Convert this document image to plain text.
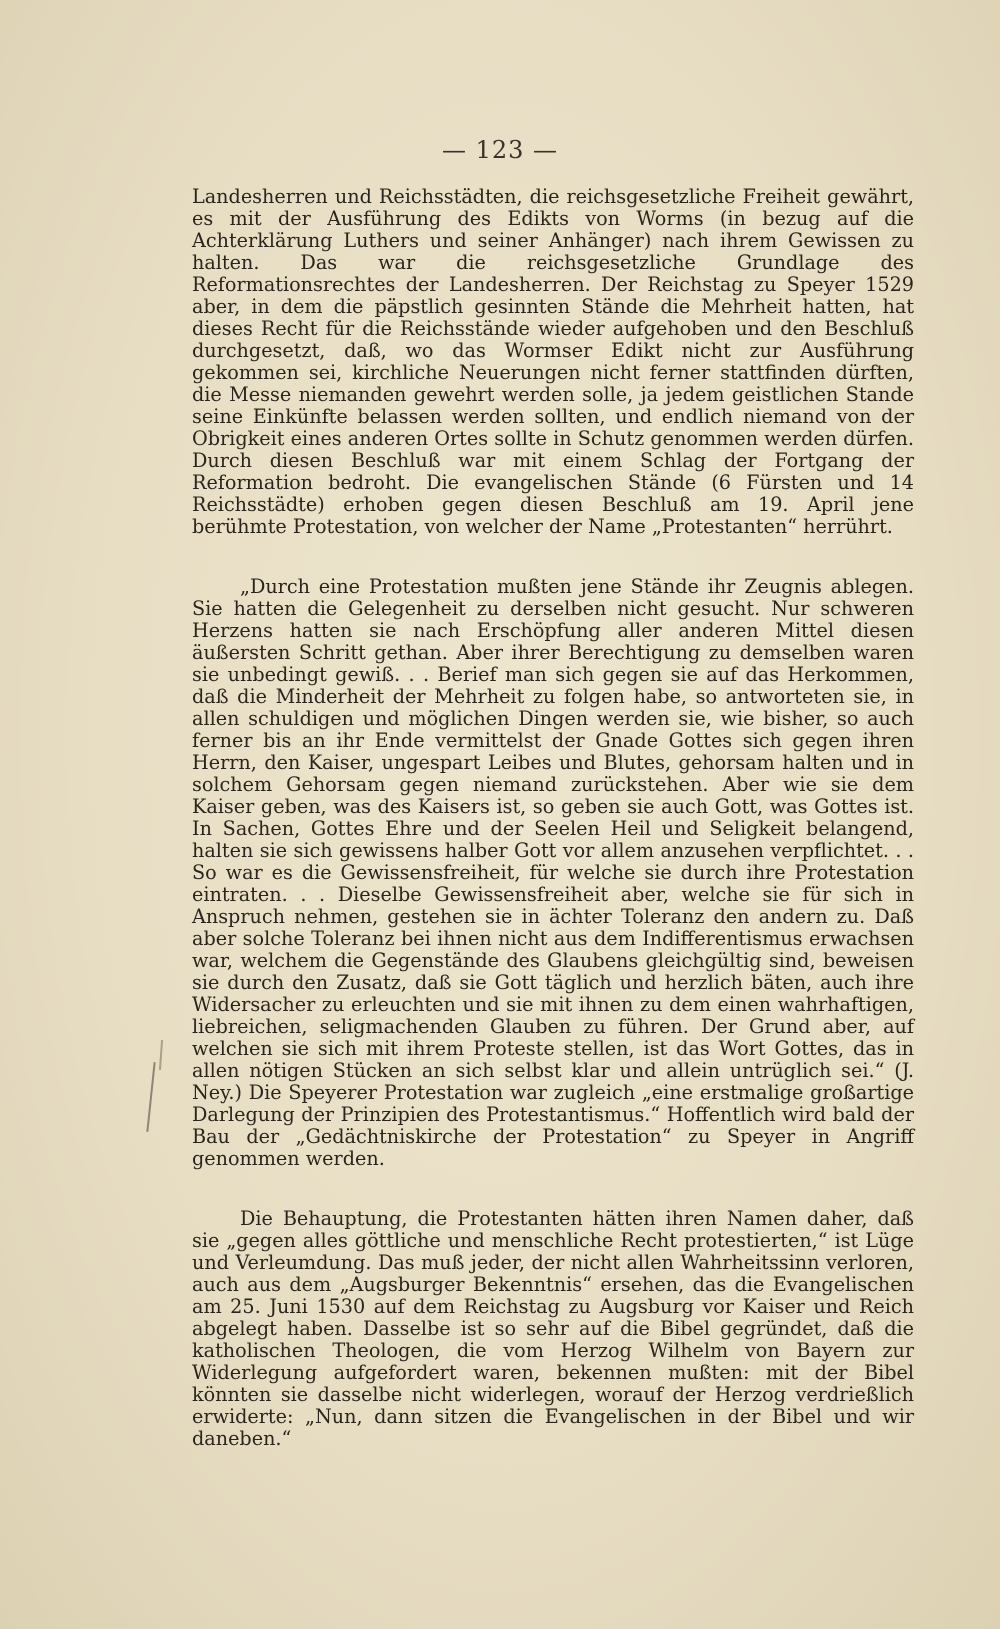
— 123 —

Landesherren und Reichsstädten, die reichsgesetzliche Freiheit gewährt, es mit der Ausführung des Edikts von Worms (in bezug auf die Achterklärung Luthers und seiner Anhänger) nach ihrem Gewissen zu halten. Das war die reichsgesetzliche Grundlage des Reformationsrechtes der Landesherren. Der Reichstag zu Speyer 1529 aber, in dem die päpstlich gesinnten Stände die Mehrheit hatten, hat dieses Recht für die Reichsstände wieder aufgehoben und den Beschluß durchgesetzt, daß, wo das Wormser Edikt nicht zur Ausführung gekommen sei, kirchliche Neuerungen nicht ferner stattfinden dürften, die Messe niemanden gewehrt werden solle, ja jedem geistlichen Stande seine Einkünfte belassen werden sollten, und endlich niemand von der Obrigkeit eines anderen Ortes sollte in Schutz genommen werden dürfen. Durch diesen Beschluß war mit einem Schlag der Fortgang der Reformation bedroht. Die evangelischen Stände (6 Fürsten und 14 Reichsstädte) erhoben gegen diesen Beschluß am 19. April jene berühmte Protestation, von welcher der Name „Protestanten“ herrührt.

„Durch eine Protestation mußten jene Stände ihr Zeugnis ablegen. Sie hatten die Gelegenheit zu derselben nicht gesucht. Nur schweren Herzens hatten sie nach Erschöpfung aller anderen Mittel diesen äußersten Schritt gethan. Aber ihrer Berechtigung zu demselben waren sie unbedingt gewiß. . . Berief man sich gegen sie auf das Herkommen, daß die Minderheit der Mehrheit zu folgen habe, so antworteten sie, in allen schuldigen und möglichen Dingen werden sie, wie bisher, so auch ferner bis an ihr Ende vermittelst der Gnade Gottes sich gegen ihren Herrn, den Kaiser, ungespart Leibes und Blutes, gehorsam halten und in solchem Gehorsam gegen niemand zurückstehen. Aber wie sie dem Kaiser geben, was des Kaisers ist, so geben sie auch Gott, was Gottes ist. In Sachen, Gottes Ehre und der Seelen Heil und Seligkeit belangend, halten sie sich gewissens halber Gott vor allem anzusehen verpflichtet. . . So war es die Gewissensfreiheit, für welche sie durch ihre Protestation eintraten. . . Dieselbe Gewissensfreiheit aber, welche sie für sich in Anspruch nehmen, gestehen sie in ächter Toleranz den andern zu. Daß aber solche Toleranz bei ihnen nicht aus dem Indifferentismus erwachsen war, welchem die Gegenstände des Glaubens gleichgültig sind, beweisen sie durch den Zusatz, daß sie Gott täglich und herzlich bäten, auch ihre Widersacher zu erleuchten und sie mit ihnen zu dem einen wahrhaftigen, liebreichen, seligmachenden Glauben zu führen. Der Grund aber, auf welchen sie sich mit ihrem Proteste stellen, ist das Wort Gottes, das in allen nötigen Stücken an sich selbst klar und allein untrüglich sei.“ (J. Ney.) Die Speyerer Protestation war zugleich „eine erstmalige großartige Darlegung der Prinzipien des Protestantismus.“ Hoffentlich wird bald der Bau der „Gedächtniskirche der Protestation“ zu Speyer in Angriff genommen werden.

Die Behauptung, die Protestanten hätten ihren Namen daher, daß sie „gegen alles göttliche und menschliche Recht protestierten,“ ist Lüge und Verleumdung. Das muß jeder, der nicht allen Wahrheitssinn verloren, auch aus dem „Augsburger Bekenntnis“ ersehen, das die Evangelischen am 25. Juni 1530 auf dem Reichstag zu Augsburg vor Kaiser und Reich abgelegt haben. Dasselbe ist so sehr auf die Bibel gegründet, daß die katholischen Theologen, die vom Herzog Wilhelm von Bayern zur Widerlegung aufgefordert waren, bekennen mußten: mit der Bibel könnten sie dasselbe nicht widerlegen, worauf der Herzog verdrießlich erwiderte: „Nun, dann sitzen die Evangelischen in der Bibel und wir daneben.“
